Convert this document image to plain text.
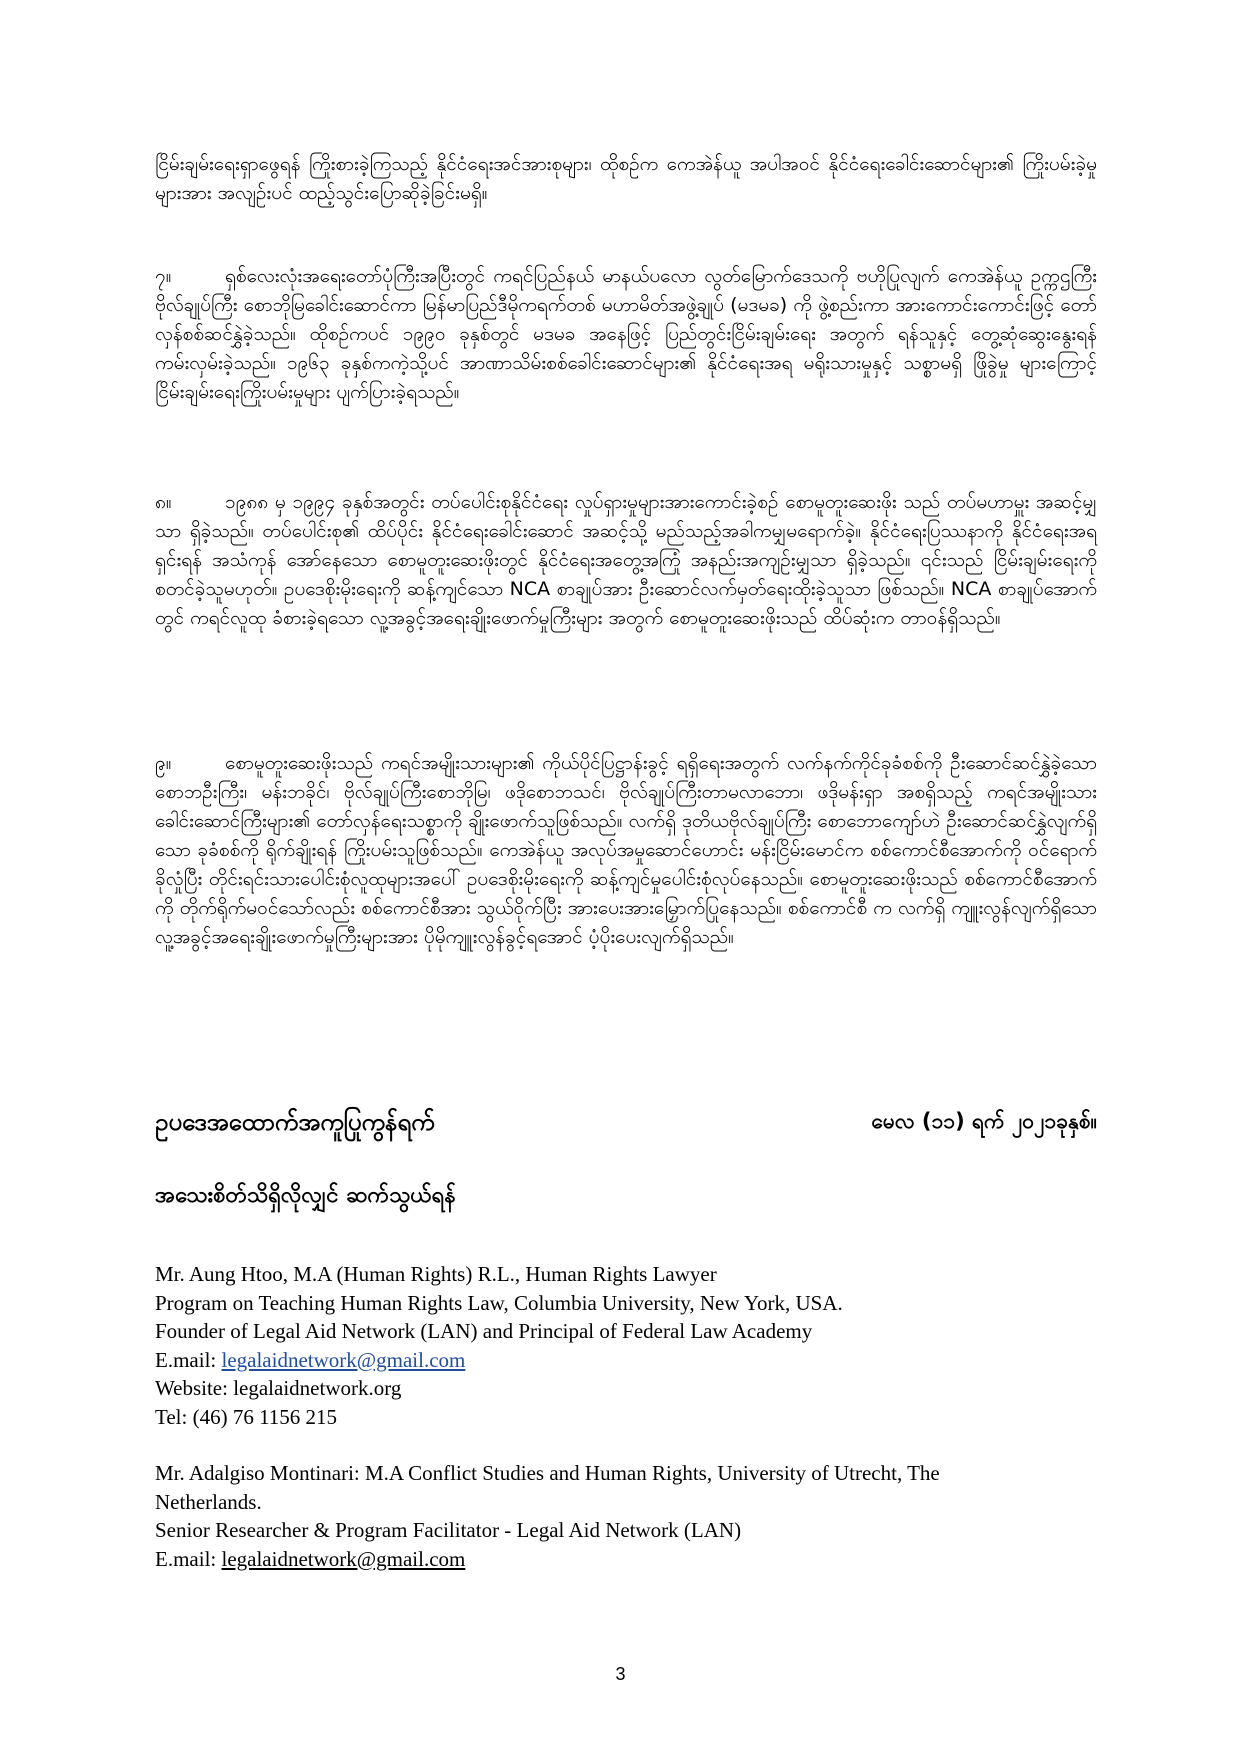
ငြိမ်းချမ်းရေးရှာဖွေရန် ကြိုးစားခဲ့ကြသည့် နိုင်ငံရေးအင်အားစုများ၊ ထိုစဉ်က ကေအဲန်ယူ အပါအဝင် နိုင်ငံရေးခေါင်းဆောင်များ၏ ကြိုးပမ်းခဲ့မှုများအား အလျဉ်းပင် ထည့်သွင်းပြောဆိုခဲ့ခြင်းမရှိ။

၇။	ရှစ်လေးလုံးအရေးတော်ပုံကြီးအပြီးတွင် ကရင်ပြည်နယ် မာနယ်ပလော လွတ်မြောက်ဒေသကို ဗဟိုပြုလျက် ကေအဲန်ယူ ဥက္ကဌကြီး ဗိုလ်ချုပ်ကြီး စောဘိုမြခေါင်းဆောင်ကာ မြန်မာပြည်ဒီမိုကရက်တစ် မဟာမိတ်အဖွဲ့ချုပ် (မဒမခ) ကို ဖွဲ့စည်းကာ အားကောင်းကောင်းဖြင့် တော်လှန်စစ်ဆင်နွှဲခဲ့သည်။ ထိုစဉ်ကပင် ၁၉၉၀ ခုနှစ်တွင် မဒမခ အနေဖြင့် ပြည်တွင်းငြိမ်းချမ်းရေး အတွက် ရန်သူနှင့် တွေ့ဆုံဆွေးနွေးရန် ကမ်းလှမ်းခဲ့သည်။ ၁၉၆၃ ခုနှစ်ကကဲ့သို့ပင် အာဏာသိမ်းစစ်ခေါင်းဆောင်များ၏ နိုင်ငံရေးအရ မရိုးသားမှုနှင့် သစ္စာမရှိ ဖြိုခွဲမှု များကြောင့် ငြိမ်းချမ်းရေးကြိုးပမ်းမှုများ ပျက်ပြားခဲ့ရသည်။

၈။	၁၉၈၈ မှ ၁၉၉၄ ခုနှစ်အတွင်း တပ်ပေါင်းစုနိုင်ငံရေး လှုပ်ရှားမှုများအားကောင်းခဲ့စဉ် စောမူတူးဆေးဖိုး သည် တပ်မဟာမှူး အဆင့်မျှသာ ရှိခဲ့သည်။ တပ်ပေါင်းစု၏ ထိပ်ပိုင်း နိုင်ငံရေးခေါင်းဆောင် အဆင့်သို့ မည်သည့်အခါကမျှမရောက်ခဲ့။ နိုင်ငံရေးပြဿနာကို နိုင်ငံရေးအရရှင်းရန် အသံကုန် အော်နေသော စောမူတူးဆေးဖိုးတွင် နိုင်ငံရေးအတွေ့အကြုံ အနည်းအကျဉ်းမျှသာ ရှိခဲ့သည်။ ၎င်းသည် ငြိမ်းချမ်းရေးကို စတင်ခဲ့သူမဟုတ်။ ဥပဒေစိုးမိုးရေးကို ဆန့်ကျင်သော NCA စာချုပ်အား ဦးဆောင်လက်မှတ်ရေးထိုးခဲ့သူသာ ဖြစ်သည်။ NCA စာချုပ်အောက်တွင် ကရင်လူထု ခံစားခဲ့ရသော လူ့အခွင့်အရေးချိုးဖောက်မှုကြီးများ အတွက် စောမူတူးဆေးဖိုးသည် ထိပ်ဆုံးက တာဝန်ရှိသည်။

၉။	စောမူတူးဆေးဖိုးသည် ကရင်အမျိုးသားများ၏ ကိုယ်ပိုင်ပြဋ္ဌာန်းခွင့် ရရှိရေးအတွက် လက်နက်ကိုင်ခုခံစစ်ကို ဦးဆောင်ဆင်နွှဲခဲ့သော စောဘဦးကြီး၊ မန်းဘခိုင်၊ ဗိုလ်ချုပ်ကြီးစောဘိုမြ၊ ဖဒိုစောဘသင်၊ ဗိုလ်ချုပ်ကြီးတာမလာဘော၊ ဖဒိုမန်းရှာ အစရှိသည့် ကရင်အမျိုးသား ခေါင်းဆောင်ကြီးများ၏ တော်လှန်ရေးသစ္စာကို ချိုးဖောက်သူဖြစ်သည်။ လက်ရှိ ဒုတိယဗိုလ်ချုပ်ကြီး စောဘောကျော်ဟဲ ဦးဆောင်ဆင်နွှဲလျက်ရှိသော ခုခံစစ်ကို ရိုက်ချိုးရန် ကြိုးပမ်းသူဖြစ်သည်။ ကေအဲန်ယူ အလုပ်အမှုဆောင်ဟောင်း မန်းငြိမ်းမောင်က စစ်ကောင်စီအောက်ကို ဝင်ရောက်ခိုလှုံပြီး တိုင်းရင်းသားပေါင်းစုံလူထုများအပေါ် ဥပဒေစိုးမိုးရေးကို ဆန့်ကျင်မှုပေါင်းစုံလုပ်နေသည်။ စောမူတူးဆေးဖိုးသည် စစ်ကောင်စီအောက်ကို တိုက်ရိုက်မဝင်သော်လည်း စစ်ကောင်စီအား သွယ်ဝိုက်ပြီး အားပေးအားမြှောက်ပြုနေသည်။ စစ်ကောင်စီ က လက်ရှိ ကျူးလွန်လျက်ရှိသော လူ့အခွင့်အရေးချိုးဖောက်မှုကြီးများအား ပိုမိုကျူးလွန်ခွင့်ရအောင် ပံ့ပိုးပေးလျက်ရှိသည်။

ဥပဒေအထောက်အကူပြုကွန်ရက်	မေလ (၁၁) ရက် ၂၀၂၁ခုနှစ်။
အသေးစိတ်သိရှိလိုလျှင် ဆက်သွယ်ရန်
Mr. Aung Htoo, M.A (Human Rights) R.L., Human Rights Lawyer
Program on Teaching Human Rights Law, Columbia University, New York, USA.
Founder of Legal Aid Network (LAN) and Principal of Federal Law Academy
E.mail: legalaidnetwork@gmail.com
Website: legalaidnetwork.org
Tel: (46) 76 1156 215
Mr. Adalgiso Montinari: M.A Conflict Studies and Human Rights, University of Utrecht, The
Netherlands.
Senior Researcher & Program Facilitator - Legal Aid Network (LAN)
E.mail: legalaidnetwork@gmail.com
3
